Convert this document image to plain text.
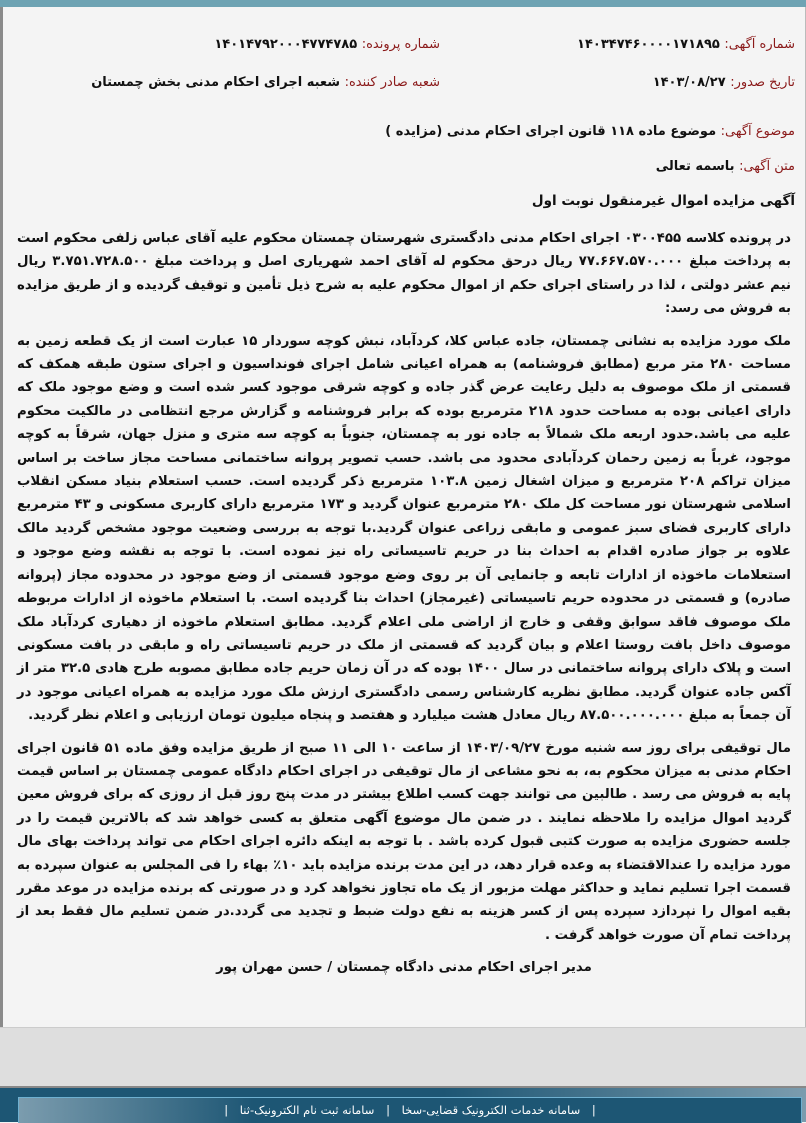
شماره آگهی: ۱۴۰۳۴۷۴۶۰۰۰۰۱۷۱۸۹۵
شماره پرونده: ۱۴۰۱۴۷۹۲۰۰۰۴۷۷۴۷۸۵
تاریخ صدور: ۱۴۰۳/۰۸/۲۷
شعبه صادر کننده: شعبه اجرای احکام مدنی بخش چمستان
موضوع آگهی: موضوع ماده ۱۱۸ قانون اجرای احکام مدنی (مزایده )
متن آگهی: باسمه تعالی
آگهی مزایده اموال غیرمنقول نوبت اول

در پرونده کلاسه ۰۳۰۰۴۵۵ اجرای احکام مدنی دادگستری شهرستان چمستان محکوم علیه آقای عباس زلفی محکوم است به پرداخت مبلغ ۷۷.۶۶۷.۵۷۰.۰۰۰ ریال درحق محکوم له آقای احمد شهریاری اصل و پرداخت مبلغ ۳.۷۵۱.۷۲۸.۵۰۰ ریال نیم عشر دولتی ، لذا در راستای اجرای حکم از اموال محکوم علیه به شرح ذیل تأمین و توقیف گردیده و از طریق مزایده به فروش می رسد:

ملک مورد مزایده به نشانی چمستان، جاده عباس کلا، کردآباد، نبش کوچه سوردار ۱۵ عبارت است از یک قطعه زمین به مساحت ۲۸۰ متر مربع (مطابق فروشنامه) به همراه اعیانی شامل اجرای فونداسیون و اجرای ستون طبقه همکف که قسمتی از ملک موصوف به دلیل رعایت عرض گذر جاده و کوچه شرقی موجود کسر شده است و وضع موجود ملک که دارای اعیانی بوده به مساحت حدود ۲۱۸ مترمربع بوده که برابر فروشنامه و گزارش مرجع انتظامی در مالکیت محکوم علیه می باشد.حدود اربعه ملک شمالاً به جاده نور به چمستان، جنوباً به کوچه سه متری و منزل جهان، شرقاً به کوچه موجود، غرباً به زمین رحمان کردآبادی محدود می باشد. حسب تصویر پروانه ساختمانی مساحت مجاز ساخت بر اساس میزان تراکم ۲۰۸ مترمربع و میزان اشغال زمین ۱۰۳.۸ مترمربع ذکر گردیده است. حسب استعلام بنیاد مسکن انقلاب اسلامی شهرستان نور مساحت کل ملک ۲۸۰ مترمربع عنوان گردید و ۱۷۳ مترمربع دارای کاربری مسکونی و ۴۳ مترمربع دارای کاربری فضای سبز عمومی و مابقی زراعی عنوان گردید.با توجه به بررسی وضعیت موجود مشخص گردید مالک علاوه بر جواز صادره اقدام به احداث بنا در حریم تاسیساتی راه نیز نموده است. با توجه به نقشه وضع موجود و استعلامات ماخوذه از ادارات تابعه و جانمایی آن بر روی وضع موجود قسمتی از وضع موجود در محدوده مجاز (پروانه صادره) و قسمتی در محدوده حریم تاسیساتی (غیرمجاز) احداث بنا گردیده است. با استعلام ماخوذه از ادارات مربوطه ملک موصوف فاقد سوابق وقفی و خارج از اراضی ملی اعلام گردید. مطابق استعلام ماخوذه از دهیاری کردآباد ملک موصوف داخل بافت روستا اعلام و بیان گردید که قسمتی از ملک در حریم تاسیساتی راه و مابقی در بافت مسکونی است و پلاک دارای پروانه ساختمانی در سال ۱۴۰۰ بوده که در آن زمان حریم جاده مطابق مصوبه طرح هادی ۳۲.۵ متر از آکس جاده عنوان گردید. مطابق نظریه کارشناس رسمی دادگستری ارزش ملک مورد مزایده به همراه اعیانی موجود در آن جمعاً به مبلغ ۸۷.۵۰۰.۰۰۰.۰۰۰ ریال معادل هشت میلیارد و هفتصد و پنجاه میلیون تومان ارزیابی و اعلام نظر گردید.

مال توقیفی برای روز سه شنبه مورخ ۱۴۰۳/۰۹/۲۷ از ساعت ۱۰ الی ۱۱ صبح از طریق مزایده وفق ماده ۵۱ قانون اجرای احکام مدنی به میزان محکوم به، به نحو مشاعی از مال توقیفی در اجرای احکام دادگاه عمومی چمستان بر اساس قیمت پایه به فروش می رسد . طالبین می توانند جهت کسب اطلاع بیشتر در مدت پنج روز قبل از روزی که برای فروش معین گردید اموال مزایده را ملاحظه نمایند . در ضمن مال موضوع آگهی متعلق به کسی خواهد شد که بالاترین قیمت را در جلسه حضوری مزایده به صورت کتبی قبول کرده باشد . با توجه به اینکه دائره اجرای احکام می تواند پرداخت بهای مال مورد مزایده را عندالاقتضاء به وعده قرار دهد، در این مدت برنده مزایده باید ۱۰٪ بهاء را فی المجلس به عنوان سپرده به قسمت اجرا تسلیم نماید و حداکثر مهلت مزبور از یک ماه تجاوز نخواهد کرد و در صورتی که برنده مزایده در موعد مقرر بقیه اموال را نپردازد سپرده پس از کسر هزینه به نفع دولت ضبط و تجدید می گردد.در ضمن تسلیم مال فقط بعد از پرداخت تمام آن صورت خواهد گرفت .

مدیر اجرای احکام مدنی دادگاه چمستان / حسن مهران پور
| سامانه خدمات الکترونیک قضایی-سخا | سامانه ثبت نام الکترونیک-ثنا |
